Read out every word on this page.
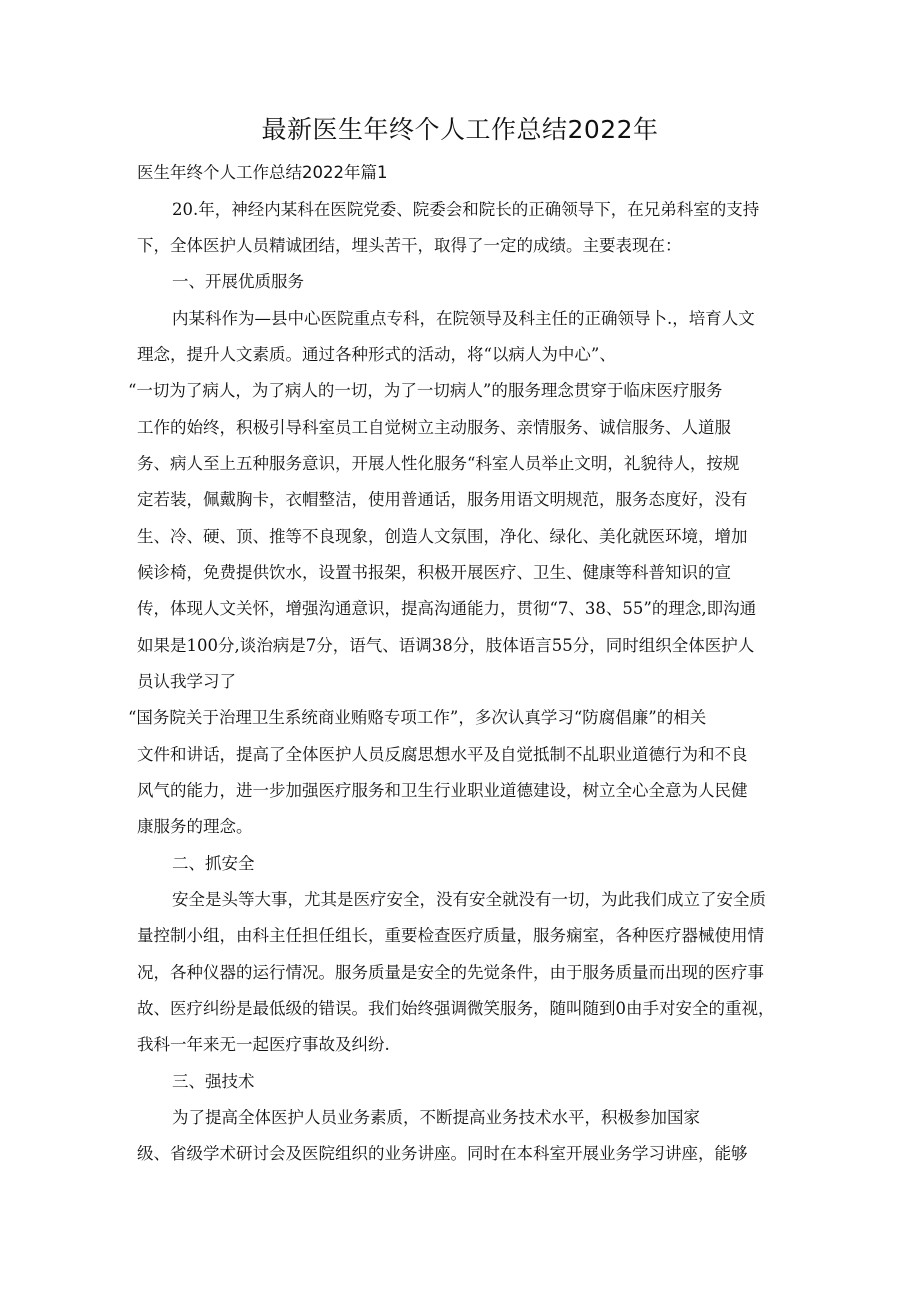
最新医生年终个人工作总结2022年

医生年终个人工作总结2022年篇1

20.年，神经内某科在医院党委、院委会和院长的正确领导下，在兄弟科室的支持

下，全体医护人员精诚团结，埋头苦干，取得了一定的成绩。主要表现在：

一、开展优质服务

内某科作为—县中心医院重点专科，在院领导及科主任的正确领导卜.，培育人文

理念，提升人文素质。通过各种形式的活动，将“以病人为中心”、

“一切为了病人，为了病人的一切，为了一切病人”的服务理念贯穿于临床医疗服务

工作的始终，积极引导科室员工自觉树立主动服务、亲情服务、诚信服务、人道服

务、病人至上五种服务意识，开展人性化服务“科室人员举止文明，礼貌待人，按规

定若装，佩戴胸卡，衣帽整洁，使用普通话，服务用语文明规范，服务态度好，没有

生、冷、硬、顶、推等不良现象，创造人文氛围，净化、绿化、美化就医环境，增加

候诊椅，免费提供饮水，设置书报架，积极开展医疗、卫生、健康等科普知识的宣

传，体现人文关怀，增强沟通意识，提高沟通能力，贯彻“7、38、55”的理念,即沟通

如果是100分,谈治病是7分，语气、语调38分，肢体语言55分，同时组织全体医护人

员认我学习了

“国务院关于治理卫生系统商业贿赂专项工作”，多次认真学习“防腐倡廉”的相关

文件和讲话，提高了全体医护人员反腐思想水平及自觉抵制不乩职业道德行为和不良

风气的能力，进一步加强医疗服务和卫生行业职业道德建设，树立全心全意为人民健

康服务的理念。

二、抓安全

安全是头等大事，尤其是医疗安全，没有安全就没有一切，为此我们成立了安全质

量控制小组，由科主任担任组长，重要检查医疗质量，服务痫室，各种医疗器械使用情

况，各种仪器的运行情况。服务质量是安全的先觉条件，由于服务质量而出现的医疗事

故、医疗纠纷是最低级的错误。我们始终强调微笑服务，随叫随到0由手对安全的重视，

我科一年来无一起医疗事故及纠纷.

三、强技术

为了提高全体医护人员业务素质，不断提高业务技术水平，积极参加国家

级、省级学术研讨会及医院组织的业务讲座。同时在本科室开展业务学习讲座，能够
